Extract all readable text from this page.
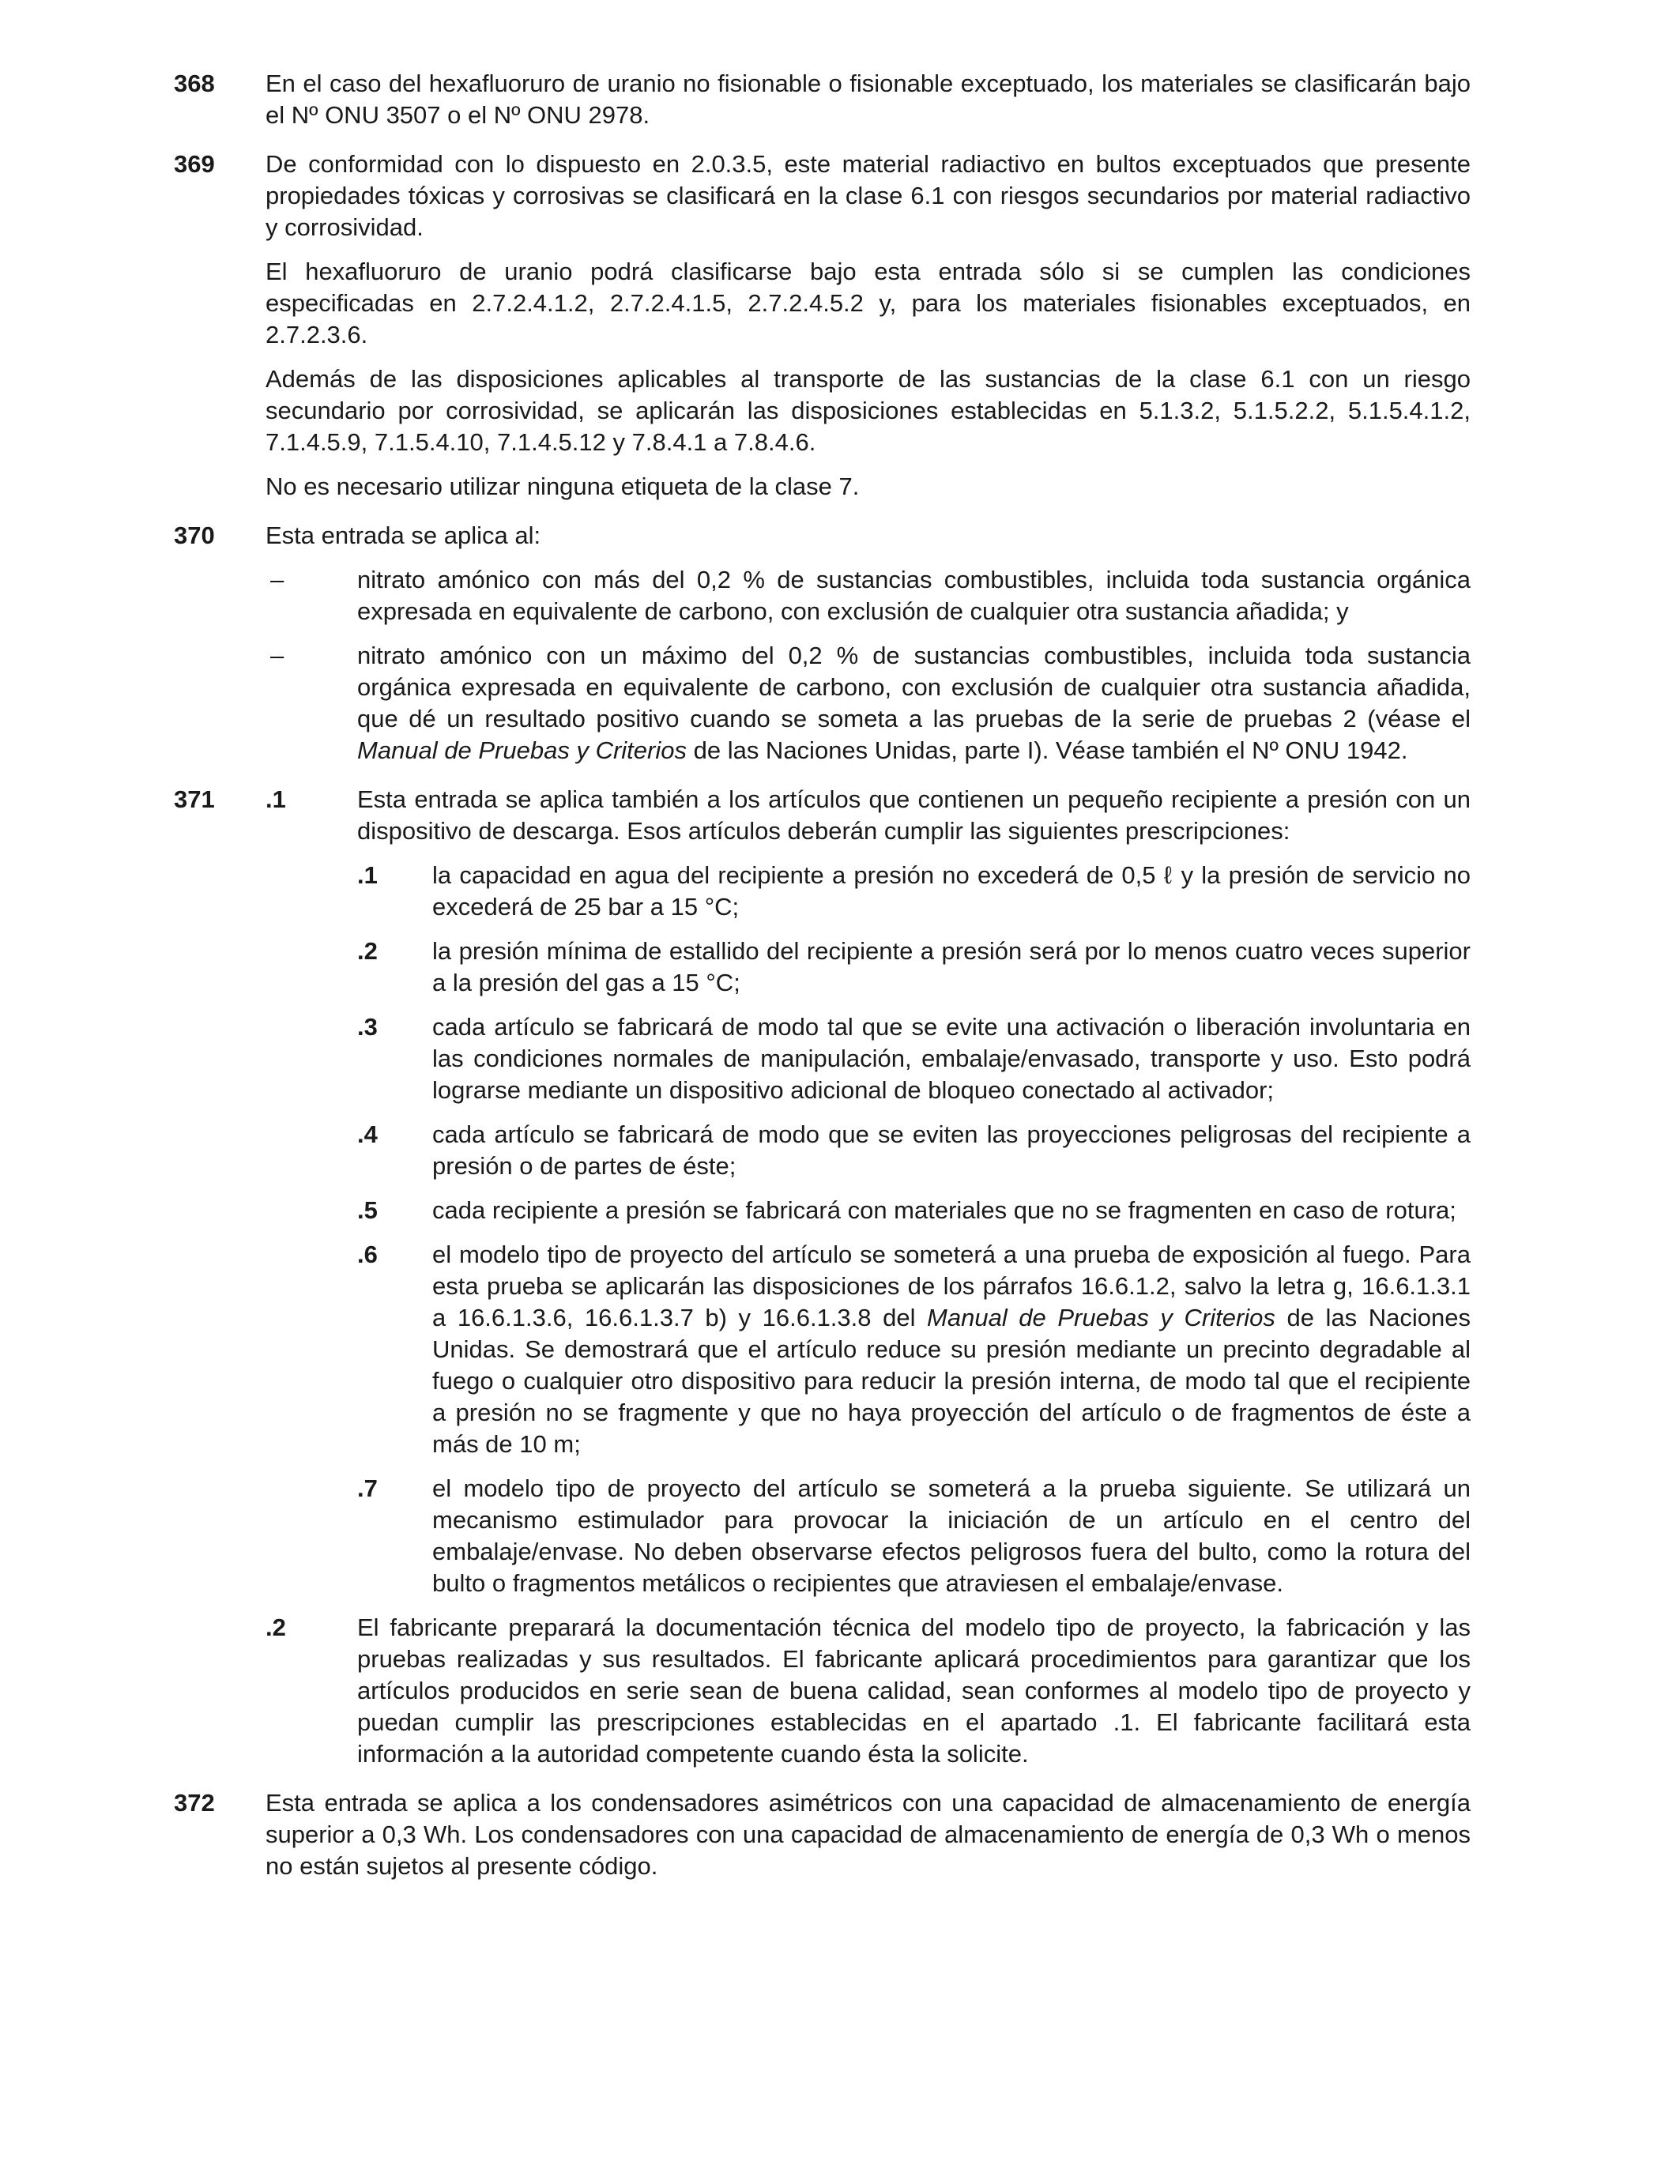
368 En el caso del hexafluoruro de uranio no fisionable o fisionable exceptuado, los materiales se clasificarán bajo el Nº ONU 3507 o el Nº ONU 2978.

369 De conformidad con lo dispuesto en 2.0.3.5, este material radiactivo en bultos exceptuados que presente propiedades tóxicas y corrosivas se clasificará en la clase 6.1 con riesgos secundarios por material radiactivo y corrosividad.

El hexafluoruro de uranio podrá clasificarse bajo esta entrada sólo si se cumplen las condiciones especificadas en 2.7.2.4.1.2, 2.7.2.4.1.5, 2.7.2.4.5.2 y, para los materiales fisionables exceptuados, en 2.7.2.3.6.

Además de las disposiciones aplicables al transporte de las sustancias de la clase 6.1 con un riesgo secundario por corrosividad, se aplicarán las disposiciones establecidas en 5.1.3.2, 5.1.5.2.2, 5.1.5.4.1.2, 7.1.4.5.9, 7.1.5.4.10, 7.1.4.5.12 y 7.8.4.1 a 7.8.4.6.

No es necesario utilizar ninguna etiqueta de la clase 7.

370 Esta entrada se aplica al:

–	nitrato amónico con más del 0,2 % de sustancias combustibles, incluida toda sustancia orgánica expresada en equivalente de carbono, con exclusión de cualquier otra sustancia añadida; y
–	nitrato amónico con un máximo del 0,2 % de sustancias combustibles, incluida toda sustancia orgánica expresada en equivalente de carbono, con exclusión de cualquier otra sustancia añadida, que dé un resultado positivo cuando se someta a las pruebas de la serie de pruebas 2 (véase el Manual de Pruebas y Criterios de las Naciones Unidas, parte I). Véase también el Nº ONU 1942.
371 .1	Esta entrada se aplica también a los artículos que contienen un pequeño recipiente a presión con un dispositivo de descarga. Esos artículos deberán cumplir las siguientes prescripciones:
.1 la capacidad en agua del recipiente a presión no excederá de 0,5 ℓ y la presión de servicio no excederá de 25 bar a 15 °C;
.2 la presión mínima de estallido del recipiente a presión será por lo menos cuatro veces superior a la presión del gas a 15 °C;
.3 cada artículo se fabricará de modo tal que se evite una activación o liberación involuntaria en las condiciones normales de manipulación, embalaje/envasado, transporte y uso. Esto podrá lograrse mediante un dispositivo adicional de bloqueo conectado al activador;
.4 cada artículo se fabricará de modo que se eviten las proyecciones peligrosas del recipiente a presión o de partes de éste;
.5 cada recipiente a presión se fabricará con materiales que no se fragmenten en caso de rotura;
.6 el modelo tipo de proyecto del artículo se someterá a una prueba de exposición al fuego. Para esta prueba se aplicarán las disposiciones de los párrafos 16.6.1.2, salvo la letra g, 16.6.1.3.1 a 16.6.1.3.6, 16.6.1.3.7 b) y 16.6.1.3.8 del Manual de Pruebas y Criterios de las Naciones Unidas. Se demostrará que el artículo reduce su presión mediante un precinto degradable al fuego o cualquier otro dispositivo para reducir la presión interna, de modo tal que el recipiente a presión no se fragmente y que no haya proyección del artículo o de fragmentos de éste a más de 10 m;
.7 el modelo tipo de proyecto del artículo se someterá a la prueba siguiente. Se utilizará un mecanismo estimulador para provocar la iniciación de un artículo en el centro del embalaje/envase. No deben observarse efectos peligrosos fuera del bulto, como la rotura del bulto o fragmentos metálicos o recipientes que atraviesen el embalaje/envase.
.2	El fabricante preparará la documentación técnica del modelo tipo de proyecto, la fabricación y las pruebas realizadas y sus resultados. El fabricante aplicará procedimientos para garantizar que los artículos producidos en serie sean de buena calidad, sean conformes al modelo tipo de proyecto y puedan cumplir las prescripciones establecidas en el apartado .1. El fabricante facilitará esta información a la autoridad competente cuando ésta la solicite.
372 Esta entrada se aplica a los condensadores asimétricos con una capacidad de almacenamiento de energía superior a 0,3 Wh. Los condensadores con una capacidad de almacenamiento de energía de 0,3 Wh o menos no están sujetos al presente código.
